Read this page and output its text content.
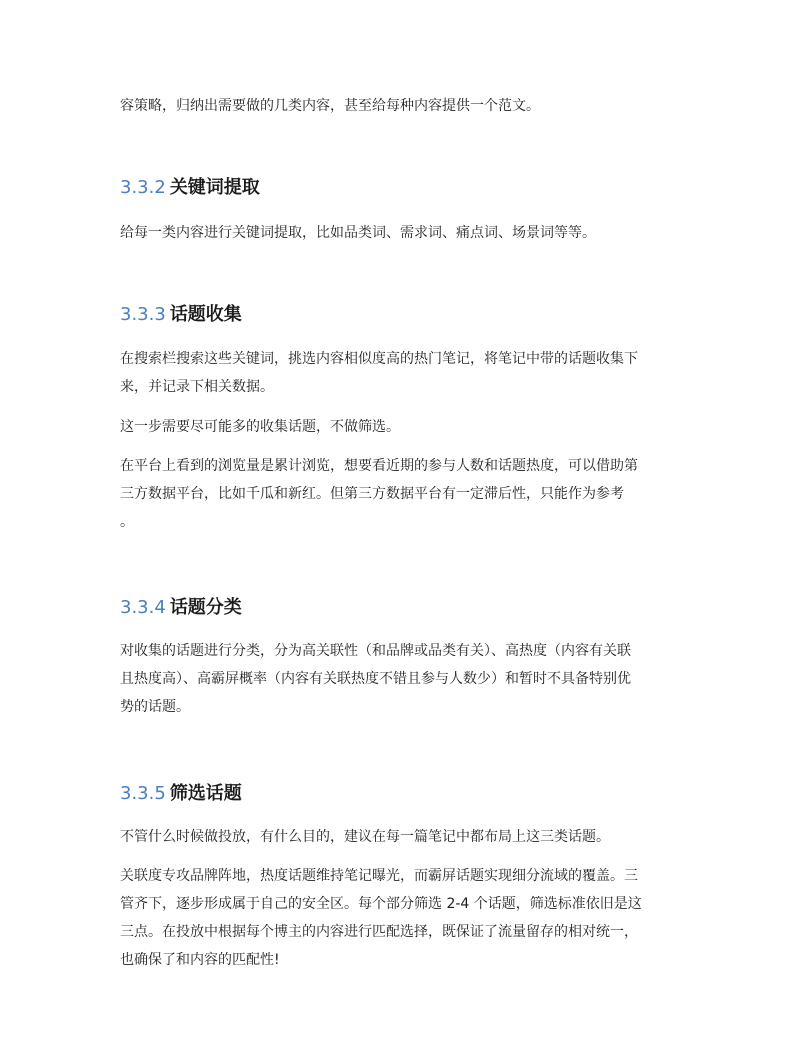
容策略，归纳出需要做的几类内容，甚至给每种内容提供一个范文。

3.3.2 关键词提取

给每一类内容进行关键词提取，比如品类词、需求词、痛点词、场景词等等。

3.3.3 话题收集

在搜索栏搜索这些关键词，挑选内容相似度高的热门笔记，将笔记中带的话题收集下
来，并记录下相关数据。

这一步需要尽可能多的收集话题，不做筛选。

在平台上看到的浏览量是累计浏览，想要看近期的参与人数和话题热度，可以借助第
三方数据平台，比如千瓜和新红。但第三方数据平台有一定滞后性，只能作为参考
。

3.3.4 话题分类

对收集的话题进行分类，分为高关联性（和品牌或品类有关）、高热度（内容有关联
且热度高）、高霸屏概率（内容有关联热度不错且参与人数少）和暂时不具备特别优
势的话题。

3.3.5 筛选话题

不管什么时候做投放，有什么目的，建议在每一篇笔记中都布局上这三类话题。

关联度专攻品牌阵地，热度话题维持笔记曝光，而霸屏话题实现细分流域的覆盖。三
管齐下，逐步形成属于自己的安全区。每个部分筛选 2-4 个话题，筛选标准依旧是这
三点。在投放中根据每个博主的内容进行匹配选择，既保证了流量留存的相对统一，
也确保了和内容的匹配性!
